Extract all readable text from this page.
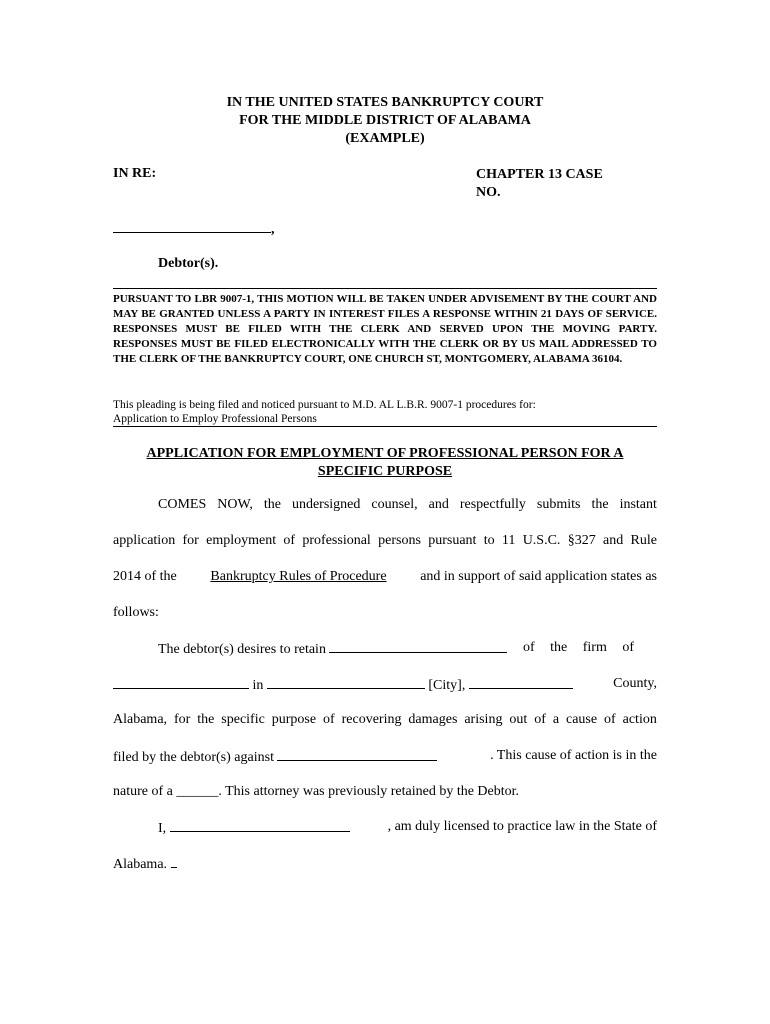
IN THE UNITED STATES BANKRUPTCY COURT
FOR THE MIDDLE DISTRICT OF ALABAMA
(EXAMPLE)
IN RE:	CHAPTER 13 CASE
NO.
,
Debtor(s).
PURSUANT TO LBR 9007-1, THIS MOTION WILL BE TAKEN UNDER ADVISEMENT BY THE COURT AND MAY BE GRANTED UNLESS A PARTY IN INTEREST FILES A RESPONSE WITHIN 21 DAYS OF SERVICE. RESPONSES MUST BE FILED WITH THE CLERK AND SERVED UPON THE MOVING PARTY. RESPONSES MUST BE FILED ELECTRONICALLY WITH THE CLERK OR BY US MAIL ADDRESSED TO THE CLERK OF THE BANKRUPTCY COURT, ONE CHURCH ST, MONTGOMERY, ALABAMA 36104.
This pleading is being filed and noticed pursuant to M.D. AL L.B.R. 9007-1 procedures for:
Application to Employ Professional Persons
APPLICATION FOR EMPLOYMENT OF PROFESSIONAL PERSON FOR A
SPECIFIC PURPOSE
COMES NOW, the undersigned counsel, and respectfully submits the instant
application for employment of professional persons pursuant to 11 U.S.C. §327 and Rule
2014 of the Bankruptcy Rules of Procedure and in support of said application states as
follows:
The debtor(s) desires to retain	of the firm of
in	[City],	County,
Alabama, for the specific purpose of recovering damages arising out of a cause of action
filed by the debtor(s) against	. This cause of action is in the
nature of a ______. This attorney was previously retained by the Debtor.
I,	, am duly licensed to practice law in the State of
Alabama.
